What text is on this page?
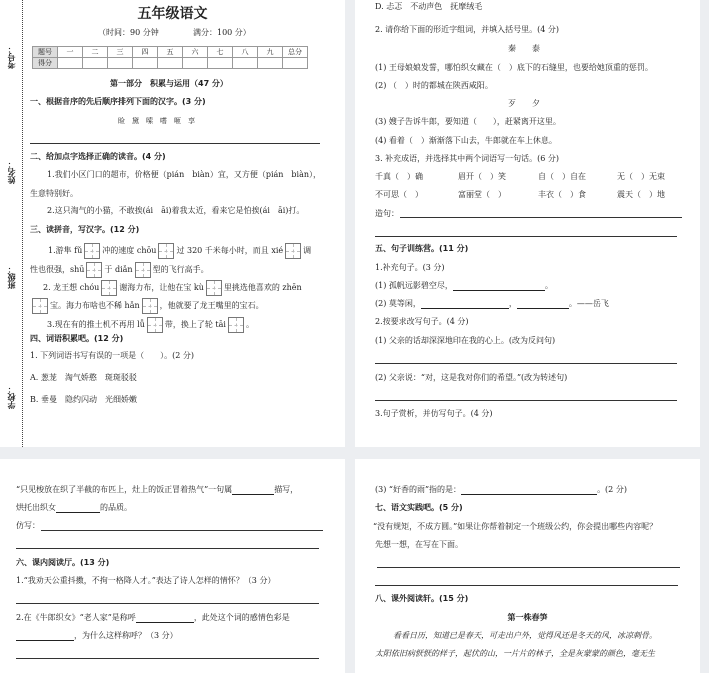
考号：
姓名：
班级：
学校：
五年级语文
（时间：90 分钟	满分：100 分）
题号	一	二	三	四	五	六	七	八	九	总分
得分										
第一部分　积累与运用（47 分）
一、根据音序的先后顺序排列下面的汉字。(3 分)
睑　黛　嗦　嗜　咂　享
二、给加点字选择正确的读音。(4 分)
1.我们小区门口的超市，价格便（pián　biàn）宜，又方便（pián　biàn），
生意特别好。
2.这只淘气的小猫，不敢挨(ái　āi)着我太近，看来它是怕挨(ái　āi)打。
三、读拼音，写汉字。(12 分)
1.游隼 fǔ	冲的速度 chōu	过 320 千米每小时，而且 xié	调
性也很强，shū	于 diǎn	型的飞行高手。
2. 龙王想 chóu	谢海力布，让他在宝 kù	里挑选他喜欢的 zhēn
宝。海力布啥也不稀 hǎn	，他就要了龙王嘴里的宝石。
3.现在有的推土机不再用 lǚ	带，换上了轮 tāi	。
四、词语积累吧。(12 分)
1. 下列词语书写有误的一项是（　　）。(2 分)
A. 葱茏　淘气娇憨　斑斑驳驳
B. 垂曼　隐约闪动　光细娇嫩
D. 忐忑　不动声色　抚摩绒毛
2. 请你给下面的形近字组词，并填入括号里。(4 分)
秦　　泰
(1) 王母娘娘发誓，哪怕织女藏在（　）底下的石缝里，也要给她顶重的惩罚。
(2) （　）时的都城在陕西咸阳。
歹　　夕
(3) 嫂子告诉牛郎，要知道（　　），赶紧离开这里。
(4) 看着（　）渐渐落下山去，牛郎就在车上休息。
3. 补充成语，并选择其中两个词语写一句话。(6 分)
千真（　）确	眉开（　）笑	自（　）自在	无（　）无束
不可思（　）	富丽堂（　）	丰衣（　）食	震天（　）地
造句：
五、句子训练营。(11 分)
1.补充句子。(3 分)
(1) 孤帆远影碧空尽，	。
(2) 莫等闲，	，	。——岳飞
2.按要求改写句子。(4 分)
(1) 父亲的话却深深地印在我的心上。(改为反问句)
(2) 父亲说：“对，这是我对你们的希望。”(改为转述句)
3.句子赏析，并仿写句子。(4 分)
“只见梭放在织了半截的布匹上，灶上的饭正冒着热气”一句属	描写，
烘托出织女	的品质。
仿写：
六、课内阅读厅。(13 分)
1.“我劝天公重抖擞，不拘一格降人才。”表达了诗人怎样的情怀？（3 分）
2.在《牛郎织女》“老人家”是称呼	，此处这个词的感情色彩是
，为什么这样称呼？（3 分）
(3) “好香的雨”指的是：	。(2 分)
七、语文实践吧。(5 分)
“没有规矩，不成方圆。”如果让你帮着制定一个班级公约，你会提出哪些内容呢？
先想一想，在写在下面。
八、课外阅读轩。(15 分)
第一株春笋
看看日历，知道已是春天，可走出户外，觉得风还是冬天的风，冰凉刺骨。
太阳依旧病恹恹的样子，起伏的山，一片片的林子，全是灰蒙蒙的颜色，毫无生
